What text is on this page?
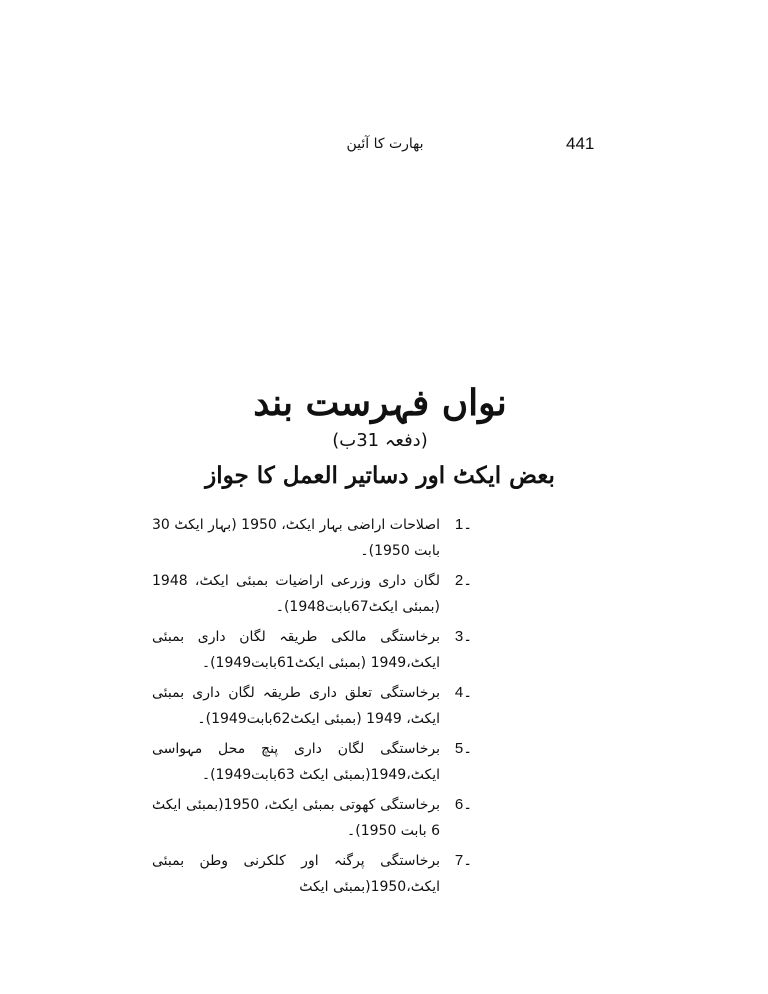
441
بھارت کا آئین
نواں فہرست بند
(دفعہ 31ب)
بعض ایکٹ اور دساتیر العمل کا جواز
اصلاحات اراضی بہار ایکٹ، 1950 (بہار ایکٹ 30 بابت 1950)۔
1۔
لگان داری وزرعی اراضیات بمبئی ایکٹ، 1948 (بمبئی ایکٹ67بابت1948)۔
2۔
برخاستگی مالکی طریقہ لگان داری بمبئی ایکٹ،1949 (بمبئی ایکٹ61بابت1949)۔
3۔
برخاستگی تعلق داری طریقہ لگان داری بمبئی ایکٹ، 1949 (بمبئی ایکٹ62بابت1949)۔
4۔
برخاستگی لگان داری پنچ محل مہواسی ایکٹ،1949(بمبئی ایکٹ 63بابت1949)۔
5۔
برخاستگی کھوتی بمبئی ایکٹ، 1950(بمبئی ایکٹ 6 بابت 1950)۔
6۔
برخاستگی پرگنہ اور کلکرنی وطن بمبئی ایکٹ،1950(بمبئی ایکٹ
7۔
